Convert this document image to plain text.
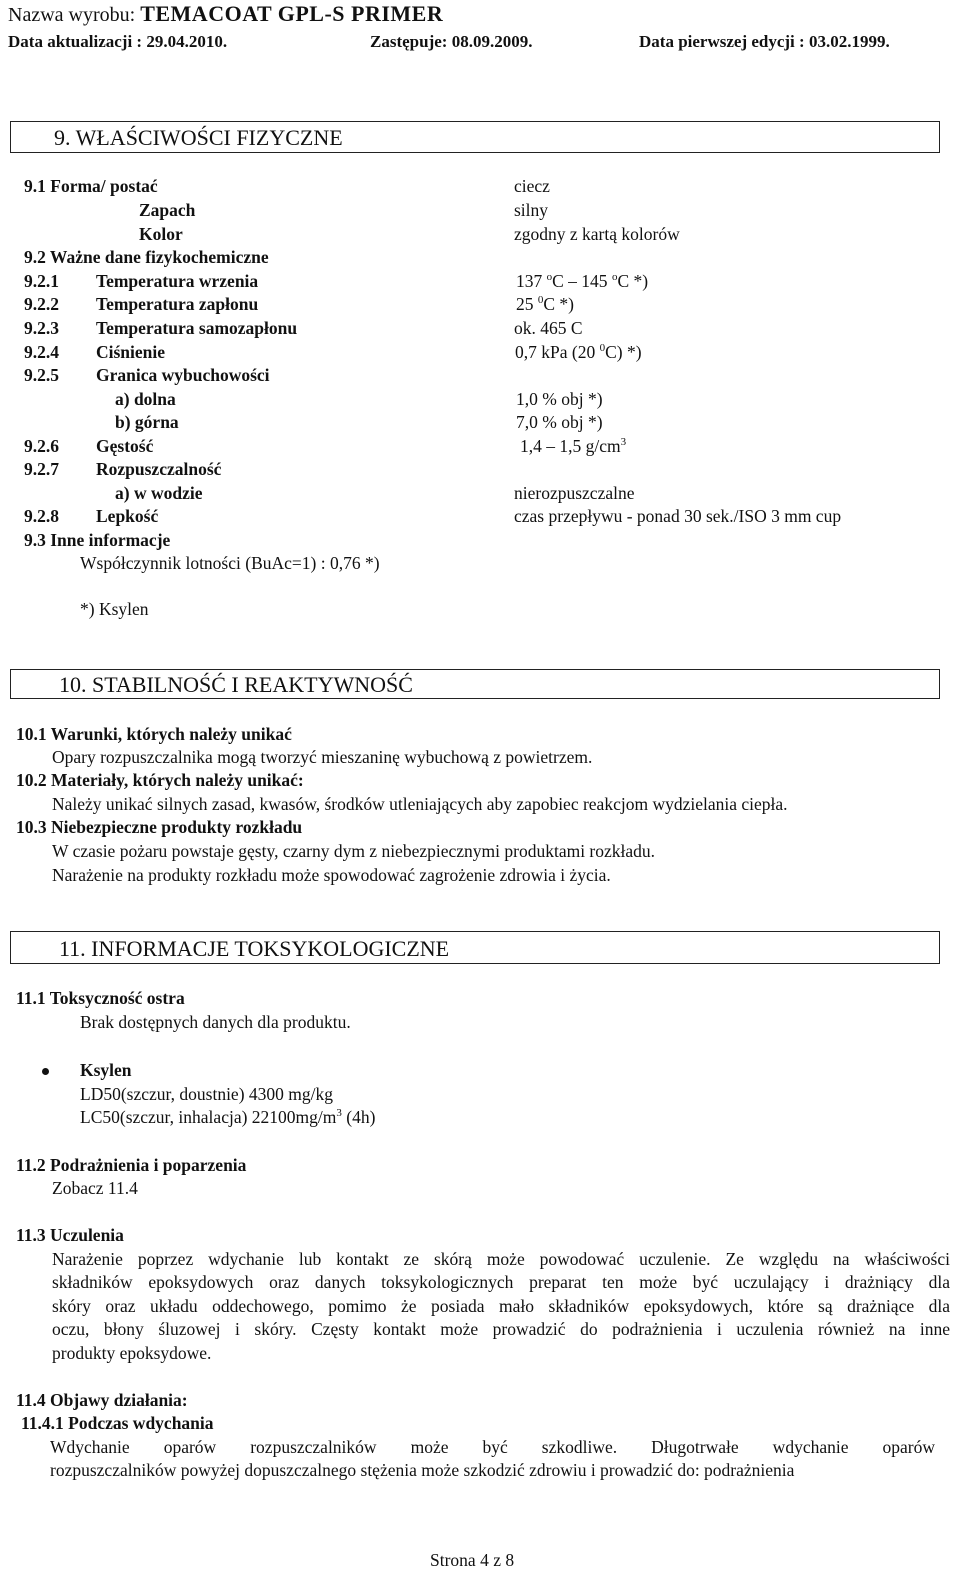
Nazwa wyrobu: TEMACOAT GPL-S PRIMER
Data aktualizacji : 29.04.2010.	Zastępuje: 08.09.2009.	Data pierwszej edycji : 03.02.1999.
9. WŁAŚCIWOŚCI FIZYCZNE
9.1 Forma/ postać	ciecz
Zapach	silny
Kolor	zgodny z kartą kolorów
9.2 Ważne dane fizykochemiczne
9.2.1 Temperatura wrzenia	137 $^o$C – 145 $^o$C *)
9.2.2 Temperatura zapłonu	25 $^0$C *)
9.2.3 Temperatura samozapłonu	ok. 465 C
9.2.4 Ciśnienie	0,7 kPa (20 $^0$C) *)
9.2.5 Granica wybuchowości
a) dolna	1,0 % obj *)
b) górna	7,0 % obj *)
9.2.6 Gęstość	1,4 – 1,5 $g/cm^3$
9.2.7 Rozpuszczalność
a) w wodzie	nierozpuszczalne
9.2.8 Lepkość	czas przepływu - ponad 30 sek./ISO 3 mm cup
9.3 Inne informacje
Współczynnik lotności (BuAc=1) : 0,76 *)
*) Ksylen
10. STABILNOŚĆ I REAKTYWNOŚĆ
10.1 Warunki, których należy unikać
Opary rozpuszczalnika mogą tworzyć mieszaninę wybuchową z powietrzem.
10.2 Materiały, których należy unikać:
Należy unikać silnych zasad, kwasów, środków utleniających aby zapobiec reakcjom wydzielania ciepła.
10.3 Niebezpieczne produkty rozkładu
W czasie pożaru powstaje gęsty, czarny dym z niebezpiecznymi produktami rozkładu.
Narażenie na produkty rozkładu może spowodować zagrożenie zdrowia i życia.
11. INFORMACJE TOKSYKOLOGICZNE
11.1 Toksyczność ostra
Brak dostępnych danych dla produktu.
Ksylen
LD50(szczur, doustnie) 4300 mg/kg
LC50(szczur, inhalacja) $22100mg/m^3$ (4h)
11.2 Podrażnienia i poparzenia
Zobacz 11.4
11.3 Uczulenia
Narażenie poprzez wdychanie lub kontakt ze skórą może powodować uczulenie. Ze względu na właściwości
składników epoksydowych oraz danych toksykologicznych preparat ten może być uczulający i drażniący dla
skóry oraz układu oddechowego, pomimo że posiada mało składników epoksydowych, które są drażniące dla
oczu, błony śluzowej i skóry. Częsty kontakt może prowadzić do podrażnienia i uczulenia również na inne
produkty epoksydowe.
11.4 Objawy działania:
11.4.1 Podczas wdychania
Wdychanie oparów rozpuszczalników może być szkodliwe. Długotrwałe wdychanie oparów
rozpuszczalników powyżej dopuszczalnego stężenia może szkodzić zdrowiu i prowadzić do: podrażnienia
Strona 4 z 8
